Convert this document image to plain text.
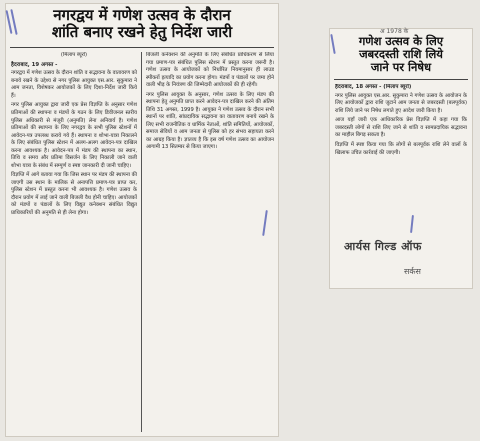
नगरद्वय में गणेश उत्सव के दौरान
शांति बनाए रखने हेतु निर्देश जारी
(मिलाप ब्यूरो)
हैदराबाद, 19 अगस्त -

नगरद्वय में गणेश उत्सव के दौरान शांति व सद्भावना के वातावरण को बनाये रखने के उद्देश्य से नगर पुलिस आयुक्त एस.आर. सुकुमारा ने आम जनता, विशेषकर आयोजकों के लिए दिशा-निर्देश जारी किये हैं।

नगर पुलिस आयुक्त द्वारा जारी एक प्रेस विज्ञप्ति के अनुसार गणेश प्रतिमाओं की स्थापना व मंडपों के गठन के लिए डिवीजनल स्तरीय पुलिस अधिकारी से मंजूरी (अनुमति) लेना अनिवार्य है। गणेश प्रतिमाओं की स्थापना के लिए नगरद्वय के सभी पुलिस स्टेशनों में आवेदन-पत्र उपलब्ध कराये गये हैं। स्थापना व शोभा-यात्रा निकालने के लिए संबंधित पुलिस स्टेशन में अलग-अलग आवेदन-पत्र दाखिल करना आवश्यक है। आवेदन-पत्र में मंडप की स्थापना का स्थान, तिथि व समय और प्रतिमा विसर्जन के लिए निकाली जाने वाली शोभा यात्रा के संबंध में सम्पूर्ण व स्पष्ट जानकारी दी जानी चाहिए।

विज्ञप्ति में आगे बताया गया कि जिस स्थान पर मंडप की स्थापना की जाएगी उस स्थान के मालिक से अनापत्ति प्रमाण-पत्र प्राप्त कर, पुलिस स्टेशन में प्रस्तुत करना भी आवश्यक है। गणेश उत्सव के दौरान प्रयोग में लाई जाने वाली बिजली वैध होनी चाहिए। आयोजकों को मंडपों व पंडालों के लिए विद्युत कनेक्शन संबंधित विद्युत प्राधिकारियों की अनुमति से ही लेना होगा।

बिजली कनेक्शन की अनुमति के लिए संबंधित प्राधिकरण से लिया गया प्रमाण-पत्र संबंधित पुलिस स्टेशन में प्रस्तुत करना जरूरी है। गणेश उत्सव के आयोजकों को निर्धारित नियमानुसार ही लाउड स्पीकरों इत्यादि का प्रयोग करना होगा। मंडपों व पंडालों पर जमा होने वाली भीड़ के नियंत्रण की जिम्मेदारी आयोजकों की ही रहेगी।

नगर पुलिस आयुक्त के अनुसार, गणेश उत्सव के लिए मंडप की स्थापना हेतु अनुमति प्राप्त करने आवेदन-पत्र दाखिल करने की अंतिम तिथि 31 अगस्त, 1999 है। आयुक्त ने गणेश उत्सव के दौरान सभी स्थानों पर शांति, सांप्रदायिक सद्भावना का वातावरण बनाये रखने के लिए सभी राजनीतिक व धार्मिक नेताओं, शांति समितियों, आयोजकों, समाज सेवियों व आम जनता से पुलिस को हर संभव सहायता करने का आग्रह किया है। ज्ञातव्य है कि इस वर्ष गणेश उत्सव का आयोजन आगामी 13 सितम्बर से किया जाएगा।

अ 1978 के
गणेश उत्सव के लिए
जबरदस्ती राशि लिये
जाने पर निषेध
हैदराबाद, 18 अगस्त - (मिलाप ब्यूरो)

नगर पुलिस आयुक्त एस.आर. सुकुमारा ने गणेश उत्सव के आयोजन के लिए आयोजकों द्वारा राशि जुटाने आम जनता से जबरदस्ती (बलपूर्वक) राशि लिये जाने पर निषेध लगाते हुए आदेश जारी किया है।

आज यहाँ जारी एक आधिकारिक प्रेस विज्ञप्ति में कहा गया कि जबरदस्ती लोगों से राशि लिए जाने से शांति व सामप्रदायिक सद्भावना का माहौल बिगड़ सकता है।

विज्ञप्ति में स्पष्ट किया गया कि लोगों से बलपूर्वक राशि लेने वालों के खिलाफ उचित कार्रवाई की जाएगी।

आर्यस गिल्ड ऑफ
सर्कस
